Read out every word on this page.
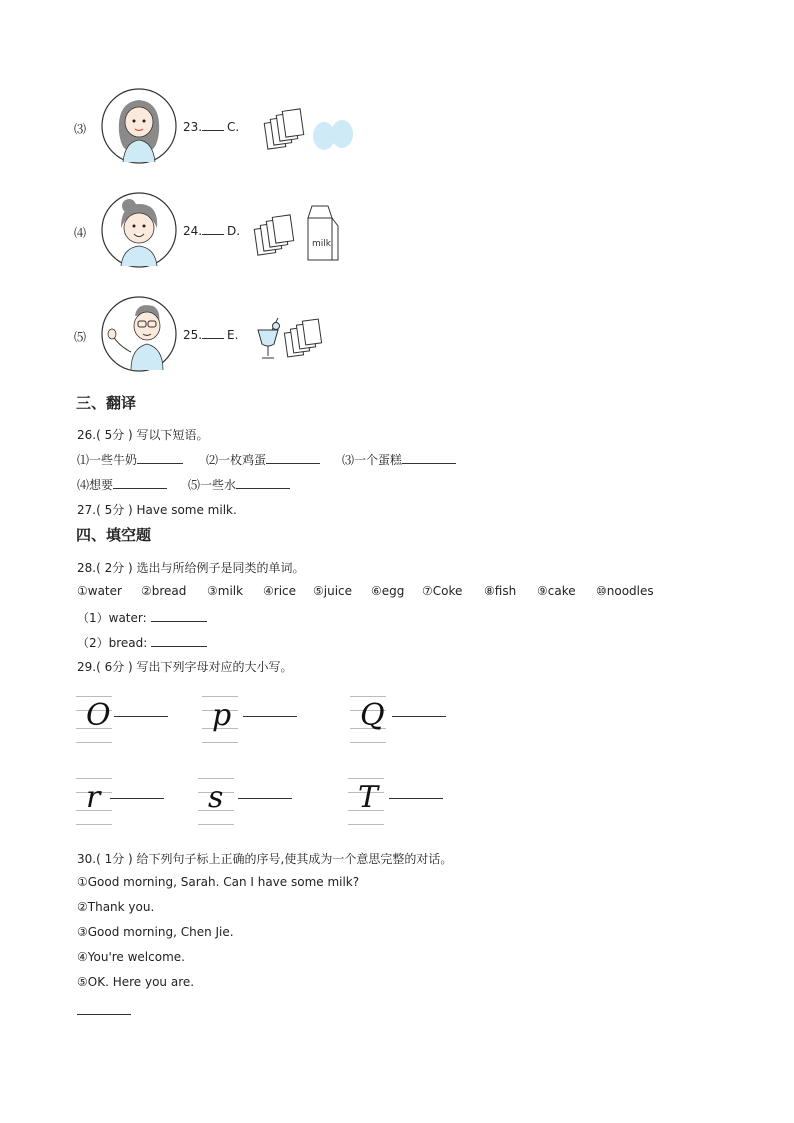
⑶	23.	C.
⑷	24.	D.
milk
⑸	25.	E.
三、翻译
26.( 5分 ) 写以下短语。
⑴一些牛奶	⑵一枚鸡蛋	⑶一个蛋糕
⑷想要	⑸一些水
27.( 5分 ) Have some milk.
四、填空题
28.( 2分 ) 选出与所给例子是同类的单词。
①water ②bread ③milk ④rice ⑤juice ⑥egg ⑦Coke ⑧fish ⑨cake ⑩noodles
（1）water:
（2）bread:
29.( 6分 ) 写出下列字母对应的大小写。
O	p	Q
r	s	T
30.( 1分 ) 给下列句子标上正确的序号,使其成为一个意思完整的对话。
①Good morning, Sarah. Can I have some milk?
②Thank you.
③Good morning, Chen Jie.
④You're welcome.
⑤OK. Here you are.
